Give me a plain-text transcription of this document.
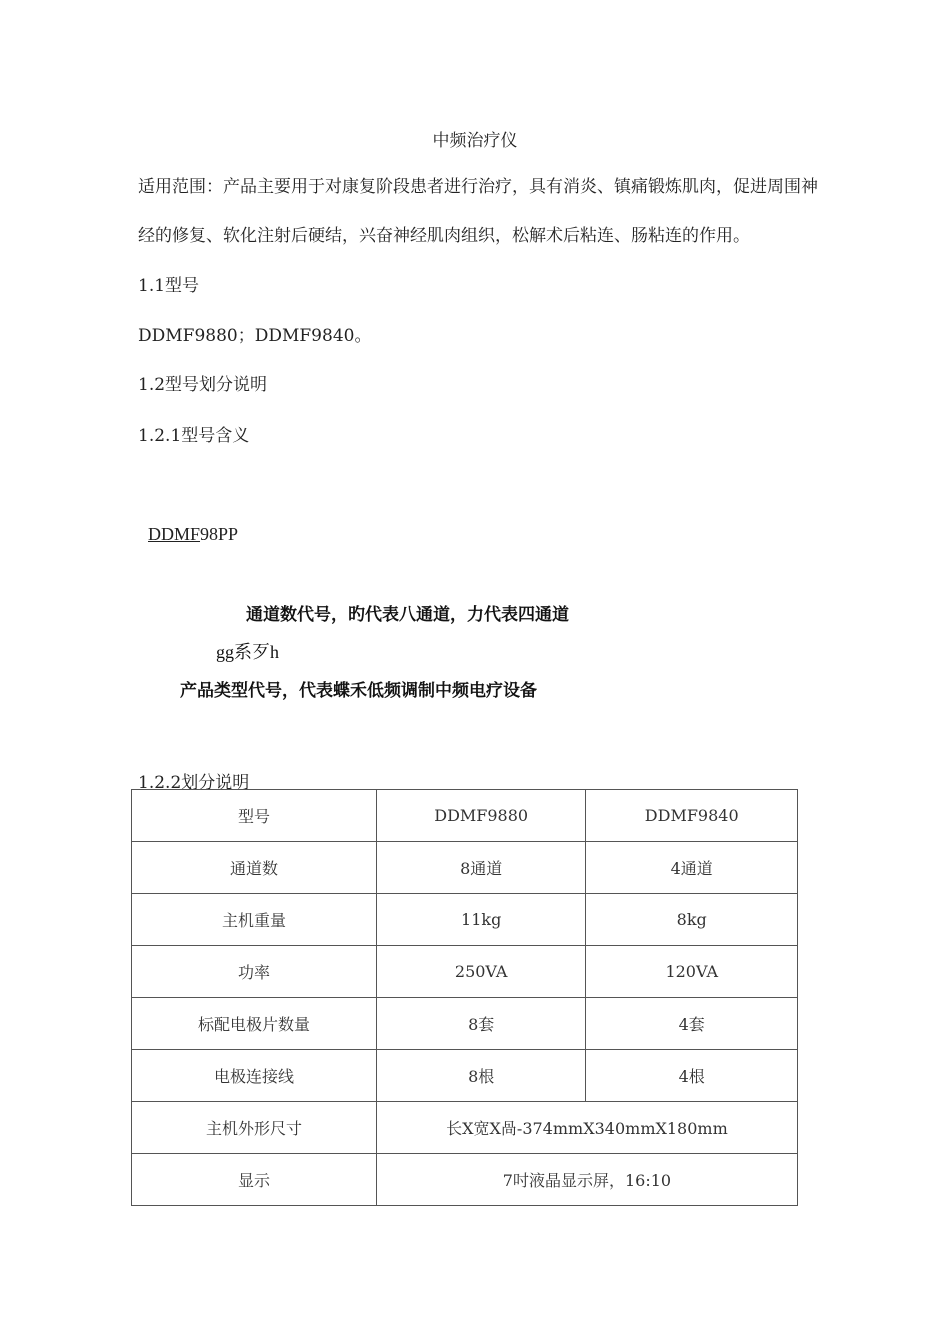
中频治疗仪
适用范围：产品主要用于对康复阶段患者进行治疗，具有消炎、镇痛锻炼肌肉，促进周围神
经的修复、软化注射后硬结，兴奋神经肌肉组织，松解术后粘连、肠粘连的作用。
1.1型号
DDMF9880；DDMF9840。
1.2型号划分说明
1.2.1型号含义
DDMF98PP
通道数代号，旳代表八通道，力代表四通道
gg系歹h
产品类型代号，代表蝶禾低频调制中频电疗设备
1.2.2划分说明
型号	DDMF9880	DDMF9840
通道数	8通道	4通道
主机重量	11kg	8kg
功率	250VA	120VA
标配电极片数量	8套	4套
电极连接线	8根	4根
主机外形尺寸	长X宽X咼-374mmX340mmX180mm	
显示	7吋液晶显示屏，16:10	
